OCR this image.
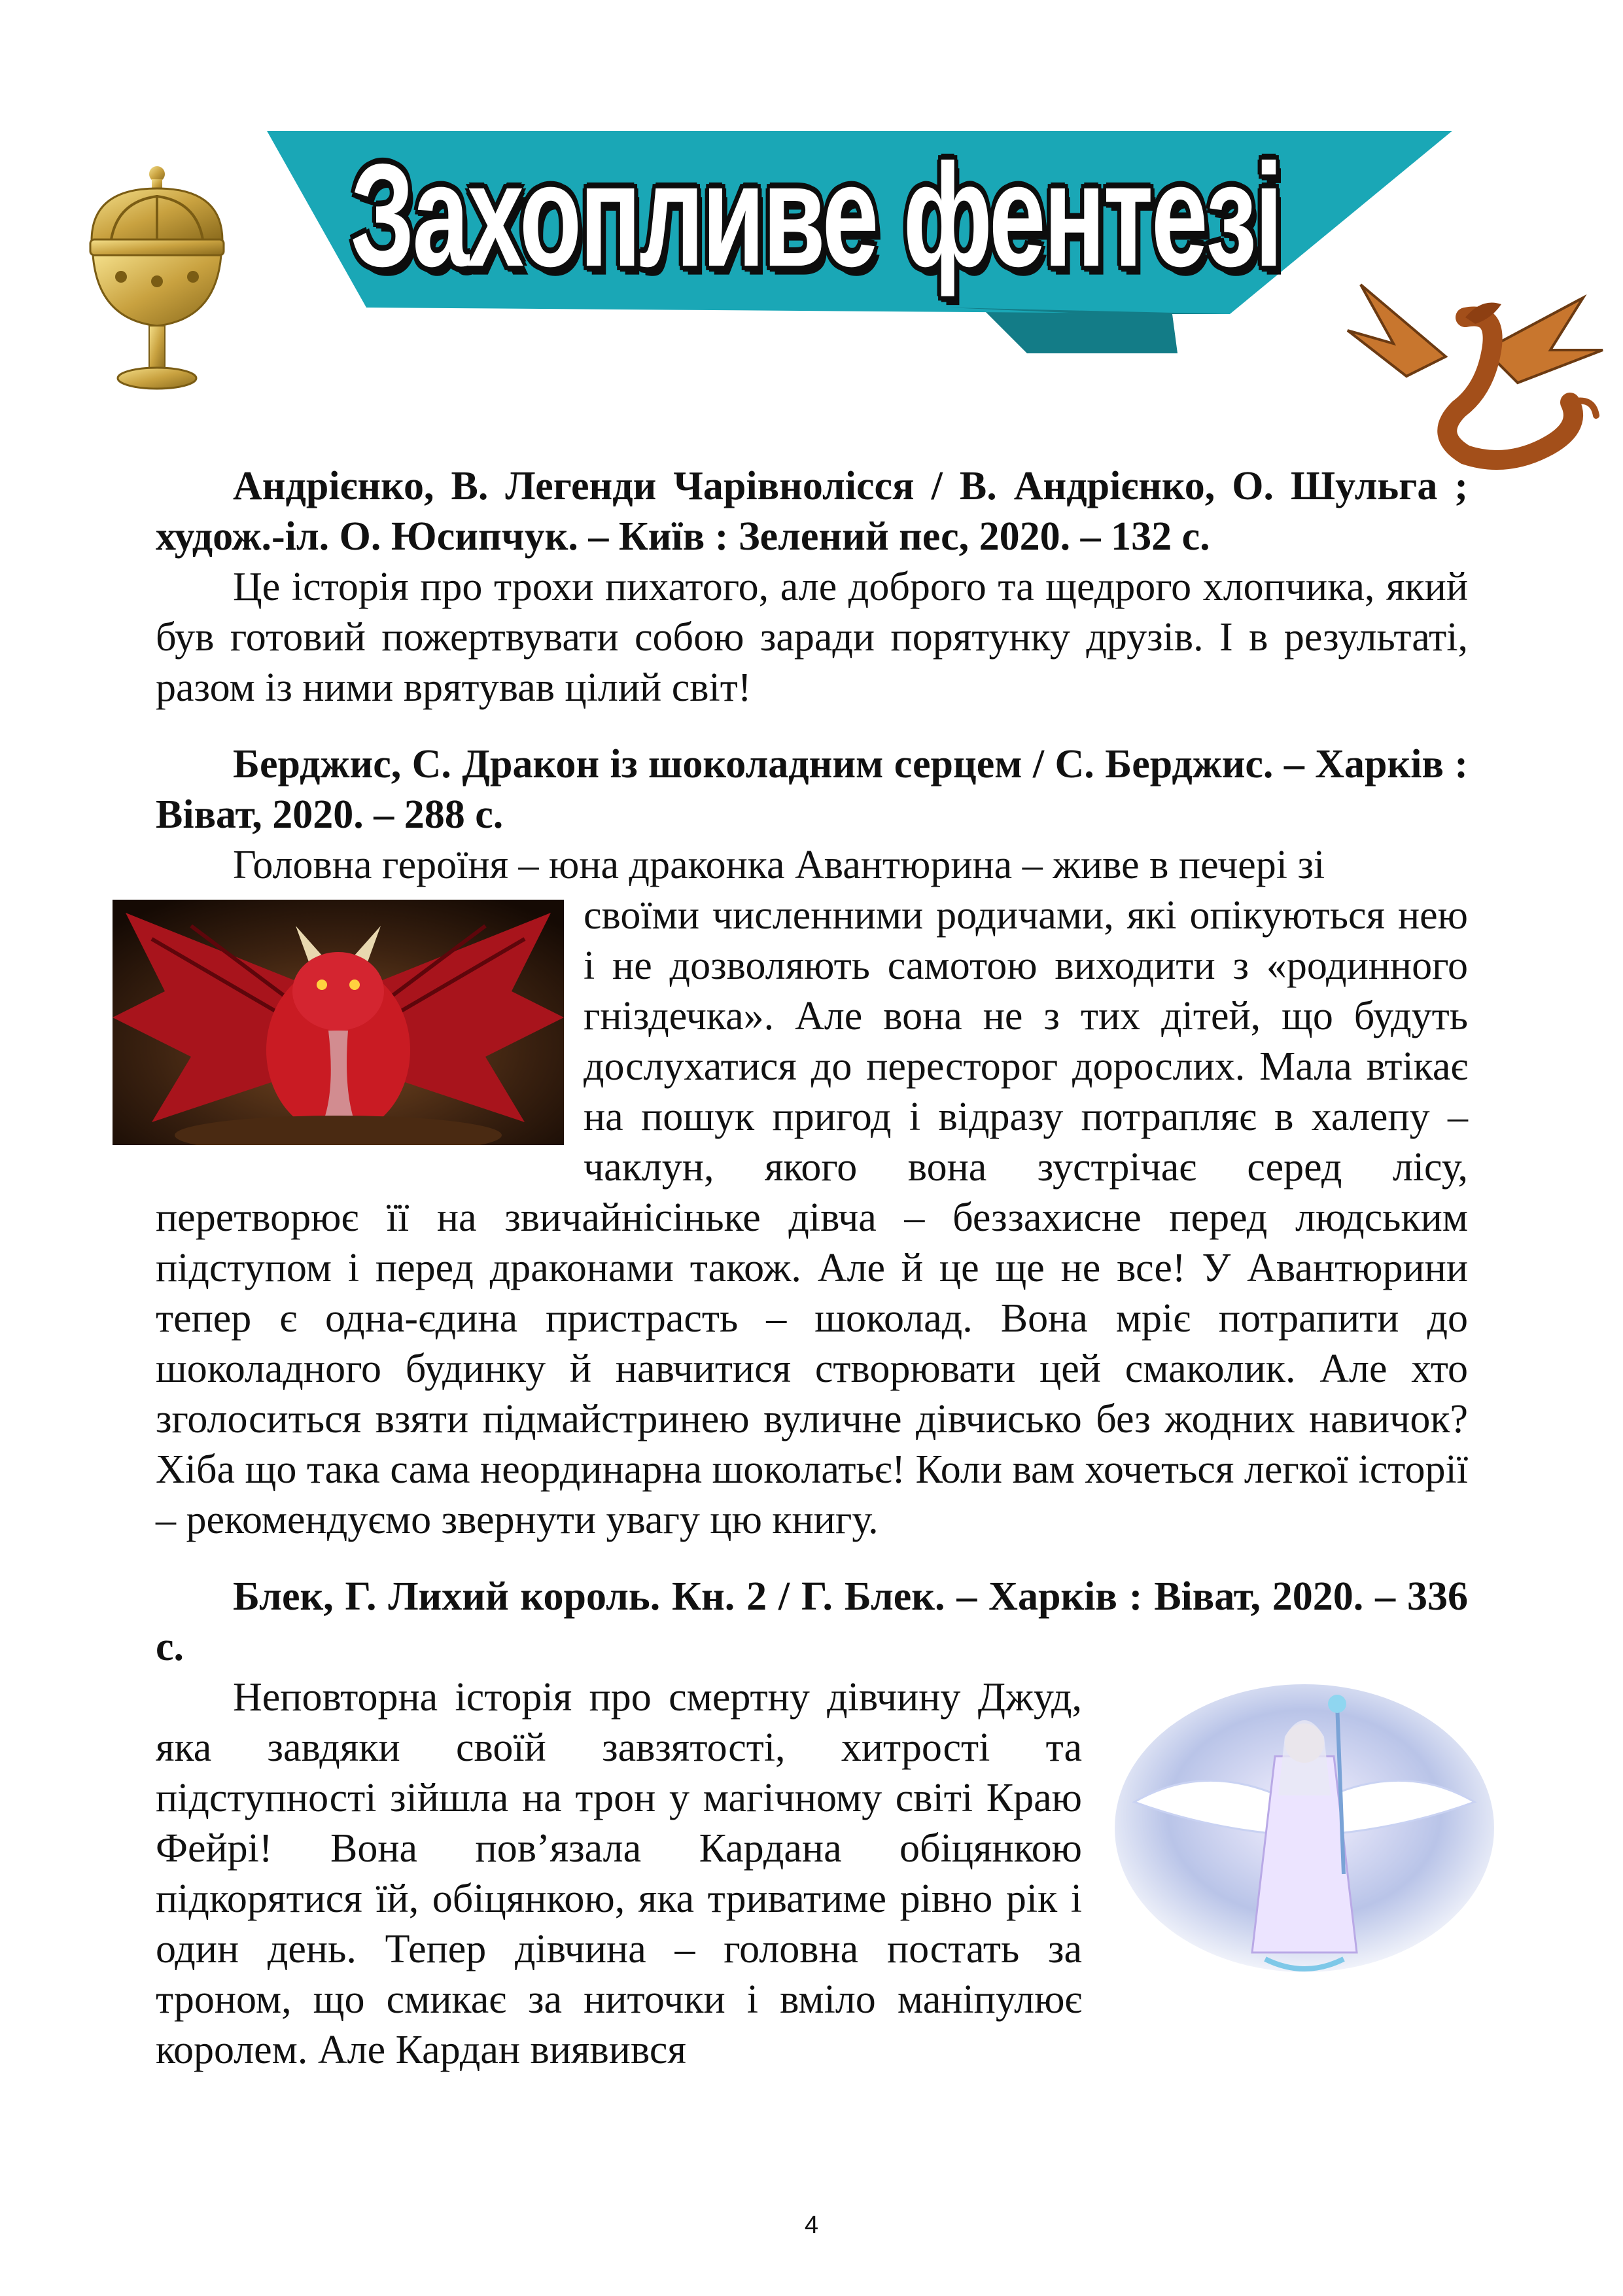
Захопливе фентезі

Андрієнко, В. Легенди Чарівнолісся / В. Андрієнко, О. Шульга ; худож.-іл. О. Юсипчук. – Київ : Зелений пес, 2020. – 132 с.

Це історія про трохи пихатого, але доброго та щедрого хлопчика, який був готовий пожертвувати собою заради порятунку друзів. І в результаті, разом із ними врятував цілий світ!

Берджис, С. Дракон із шоколадним серцем / С. Берджис. – Харків : Віват, 2020. – 288 с.

Головна героїня – юна драконка Авантюрина – живе в печері зі

своїми численними родичами, які опікуються нею і не дозволяють самотою виходити з «родинного гніздечка». Але вона не з тих дітей, що будуть дослухатися до пересторог дорослих. Мала втікає на пошук пригод і відразу потрапляє в халепу – чаклун, якого вона зустрічає серед лісу, перетворює її на звичайнісіньке дівча – беззахисне перед людським підступом і перед драконами також. Але й це ще не все! У Авантюрини тепер є одна-єдина пристрасть – шоколад. Вона мріє потрапити до шоколадного будинку й навчитися створювати цей смаколик. Але хто зголоситься взяти підмайстринею вуличне дівчисько без жодних навичок? Хіба що така сама неординарна шоколатьє! Коли вам хочеться легкої історії – рекомендуємо звернути увагу цю книгу.

Блек, Г. Лихий король. Кн. 2 / Г. Блек. – Харків : Віват, 2020. – 336 с.

Неповторна історія про смертну дівчину Джуд, яка завдяки своїй завзятості, хитрості та підступності зійшла на трон у магічному світі Краю Фейрі! Вона пов’язала Кардана обіцянкою підкорятися їй, обіцянкою, яка триватиме рівно рік і один день. Тепер дівчина – головна постать за троном, що смикає за ниточки і вміло маніпулює королем. Але Кардан виявився

4
